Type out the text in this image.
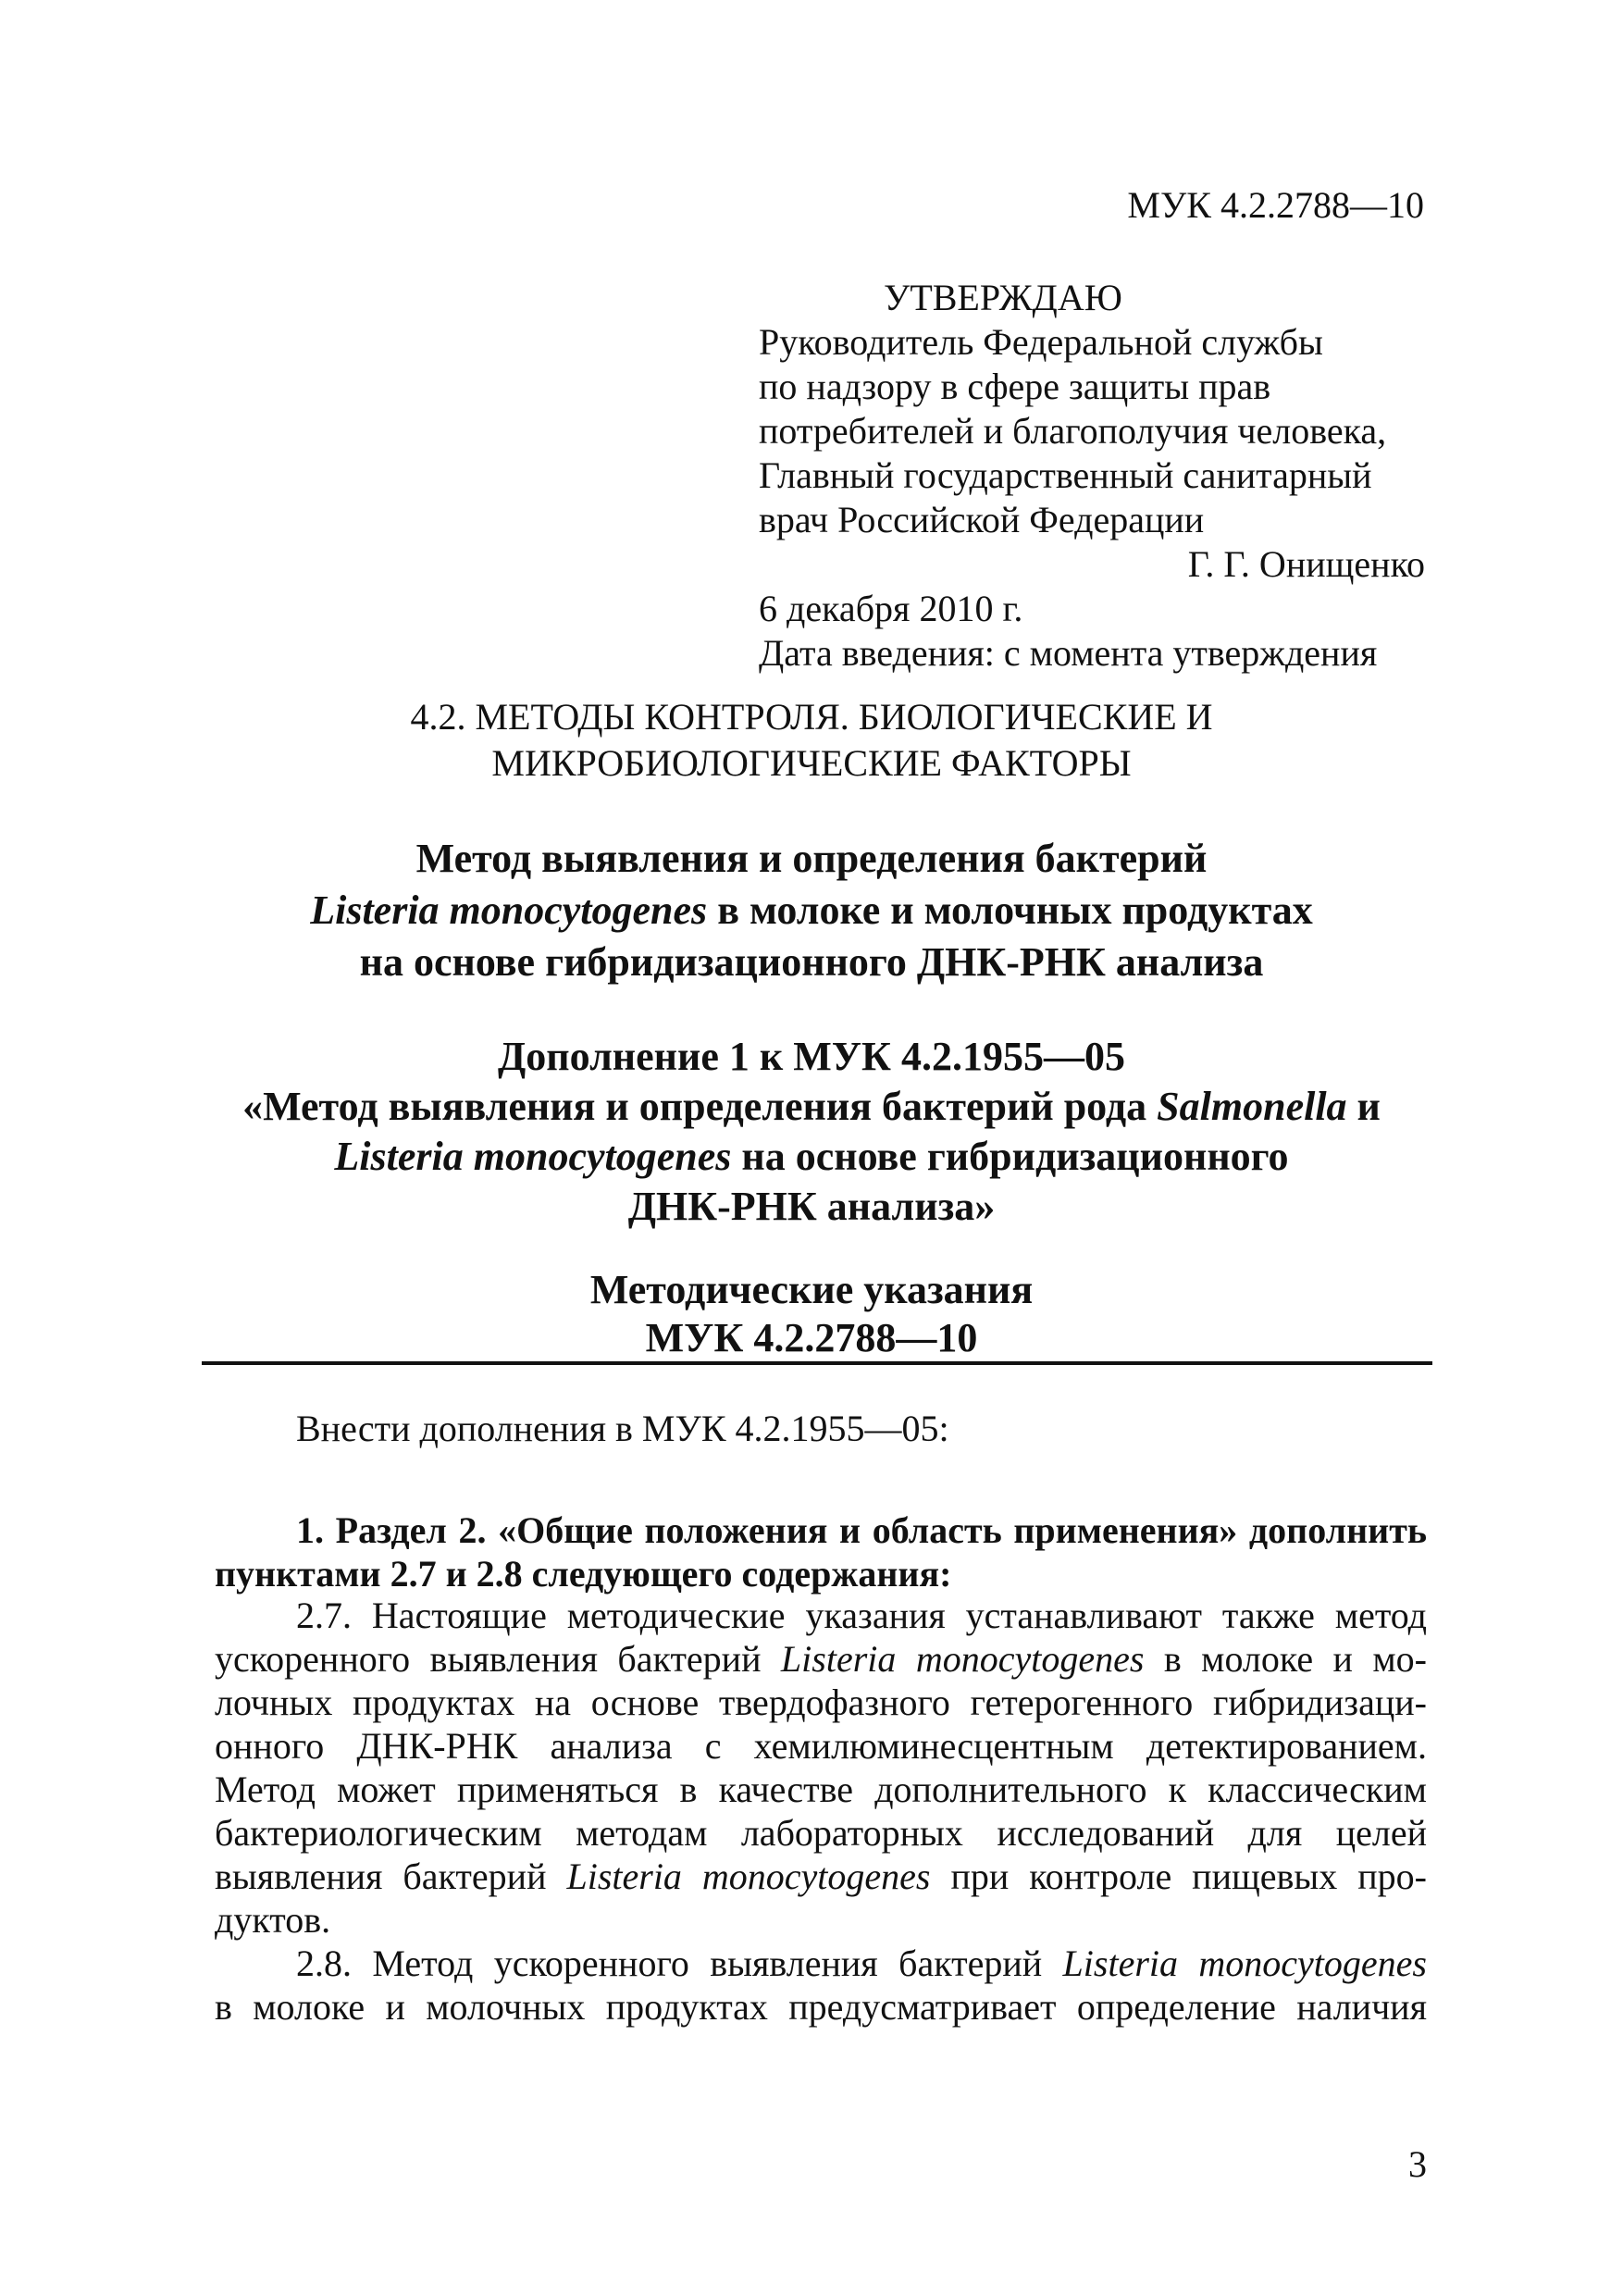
МУК 4.2.2788—10
УТВЕРЖДАЮ
Руководитель Федеральной службы
по надзору в сфере защиты прав
потребителей и благополучия человека,
Главный государственный санитарный
врач Российской Федерации
Г. Г. Онищенко
6 декабря 2010 г.
Дата введения: с момента утверждения
4.2. МЕТОДЫ КОНТРОЛЯ. БИОЛОГИЧЕСКИЕ И
МИКРОБИОЛОГИЧЕСКИЕ ФАКТОРЫ
Метод выявления и определения бактерий
Listeria monocytogenes в молоке и молочных продуктах
на основе гибридизационного ДНК-РНК анализа
Дополнение 1 к МУК 4.2.1955—05
«Метод выявления и определения бактерий рода Salmonella и
Listeria monocytogenes на основе гибридизационного
ДНК-РНК анализа»
Методические указания
МУК 4.2.2788—10
Внести дополнения в МУК 4.2.1955—05:
1. Раздел 2. «Общие положения и область применения» дополнить пунктами 2.7 и 2.8 следующего содержания:
2.7. Настоящие методические указания устанавливают также метод
ускоренного выявления бактерий Listeria monocytogenes в молоке и мо-
лочных продуктах на основе твердофазного гетерогенного гибридизаци-
онного ДНК-РНК анализа с хемилюминесцентным детектированием.
Метод может применяться в качестве дополнительного к классическим
бактериологическим методам лабораторных исследований для целей
выявления бактерий Listeria monocytogenes при контроле пищевых про-
дуктов.
2.8. Метод ускоренного выявления бактерий Listeria monocytogenes
в молоке и молочных продуктах предусматривает определение наличия
3
